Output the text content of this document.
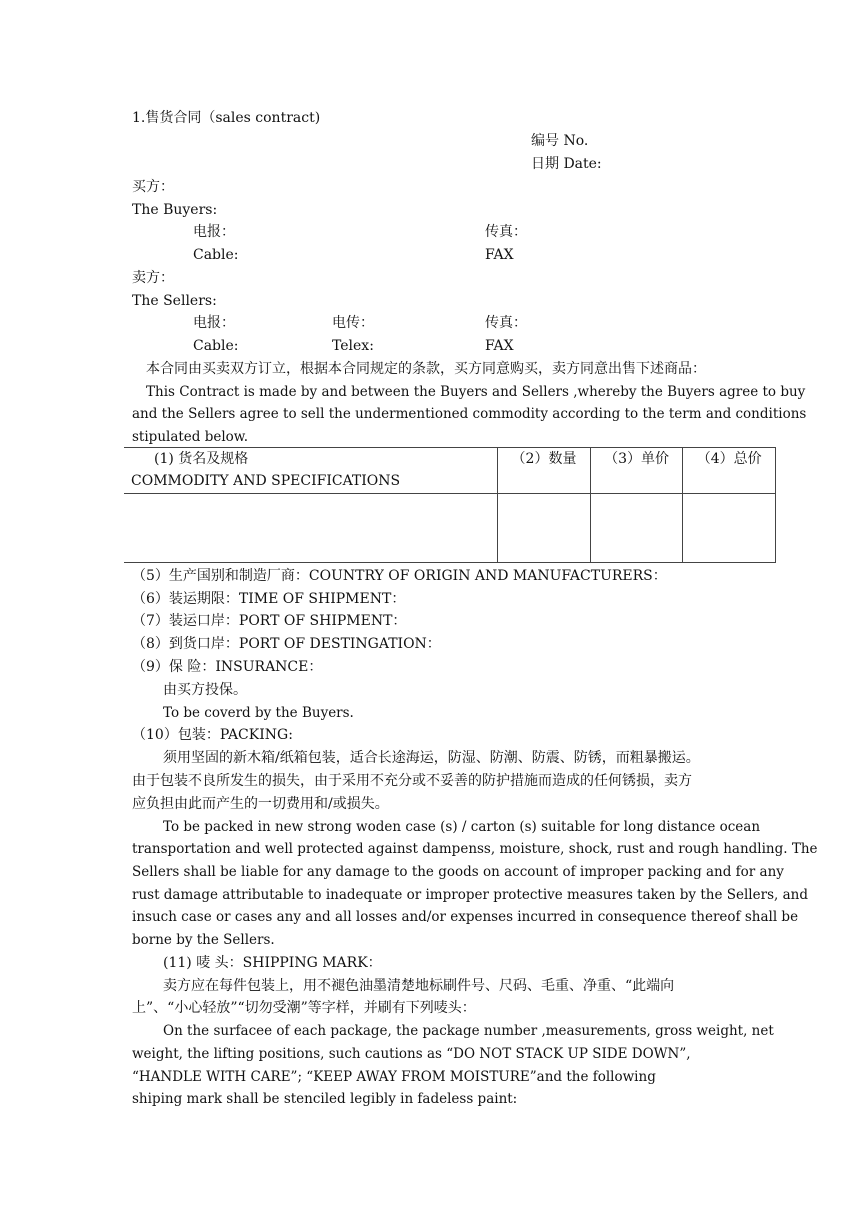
1.售货合同（sales contract)
编号 No.
日期 Date:
买方：
The Buyers:
电报：	传真：
Cable:	FAX
卖方：
The Sellers:
电报：	电传：	传真：
Cable:	Telex:	FAX
本合同由买卖双方订立，根据本合同规定的条款，买方同意购买，卖方同意出售下述商品：
This Contract is made by and between the Buyers and Sellers ,whereby the Buyers agree to buy
and the Sellers agree to sell the undermentioned commodity according to the term and conditions
stipulated below.
(1) 货名及规格
COMMODITY AND SPECIFICATIONS	（2）数量	（3）单价	（4）总价

（5）生产国别和制造厂商：COUNTRY OF ORIGIN AND MANUFACTURERS：
（6）装运期限：TIME OF SHIPMENT：
（7）装运口岸：PORT OF SHIPMENT：
（8）到货口岸：PORT OF DESTINGATION：
（9）保 险：INSURANCE：
由买方投保。
To be coverd by the Buyers.
（10）包装：PACKING:
须用坚固的新木箱/纸箱包装，适合长途海运，防湿、防潮、防震、防锈，而粗暴搬运。
由于包装不良所发生的损失，由于采用不充分或不妥善的防护措施而造成的任何锈损，卖方
应负担由此而产生的一切费用和/或损失。
To be packed in new strong woden case (s) / carton (s) suitable for long distance ocean
transportation and well protected against dampenss, moisture, shock, rust and rough handling. The
Sellers shall be liable for any damage to the goods on account of improper packing and for any
rust damage attributable to inadequate or improper protective measures taken by the Sellers, and
insuch case or cases any and all losses and/or expenses incurred in consequence thereof shall be
borne by the Sellers.
(11) 唛 头：SHIPPING MARK：
卖方应在每件包装上，用不褪色油墨清楚地标刷件号、尺码、毛重、净重、“此端向
上”、“小心轻放”“切勿受潮”等字样，并刷有下列唛头：
On the surfacee of each package, the package number ,measurements, gross weight, net
weight, the lifting positions, such cautions as “DO NOT STACK UP SIDE DOWN”,
“HANDLE WITH CARE”; “KEEP AWAY FROM MOISTURE”and the following
shiping mark shall be stenciled legibly in fadeless paint:
